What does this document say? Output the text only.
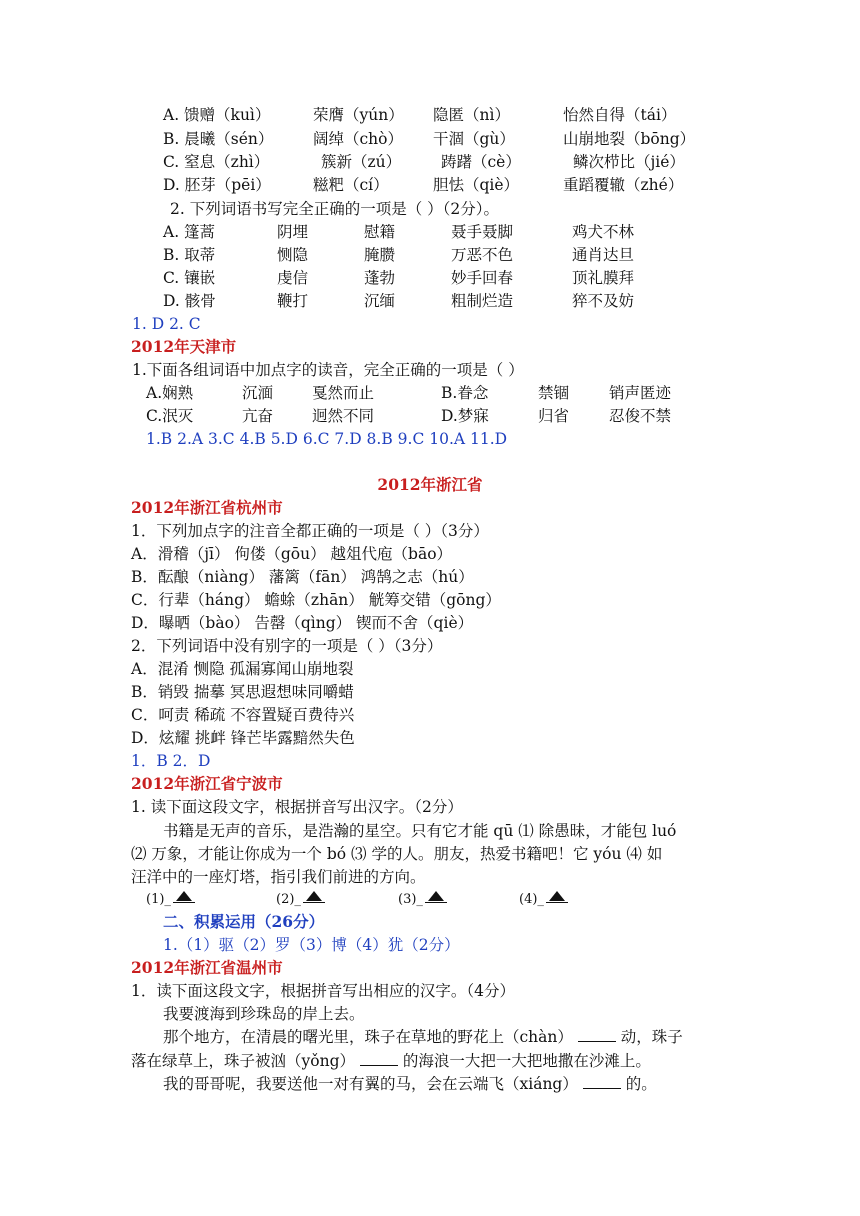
A. 馈赠（kuì）	荣膺（yún） 隐匿（nì）	怡然自得（tái）
B. 晨曦（sén）	阔绰（chò） 干涸（gù）	山崩地裂（bōng）
C. 窒息（zhì）	簇新（zú）	踌躇（cè）	鳞次栉比（jié）
D. 胚芽（pēi）	糍粑（cí）	胆怯（qiè）	重蹈覆辙（zhé）
2. 下列词语书写完全正确的一项是（ ）（2分）。
A. 篷蒿	阴埋	慰籍	聂手聂脚	鸡犬不林
B. 取蒂	恻隐	腌臜	万恶不色	通肖达旦
C. 镶嵌	虔信	蓬勃	妙手回春	顶礼膜拜
D. 骸骨	鞭打	沉缅	粗制烂造	猝不及妨
1. D 2. C
2012年天津市
1.下面各组词语中加点字的读音，完全正确的一项是（ ）
A.娴熟	沉湎	戛然而止	B.眷念	禁锢	销声匿迹
C.泯灭	亢奋	迥然不同	D.梦寐	归省	忍俊不禁
1.B 2.A 3.C 4.B 5.D 6.C 7.D 8.B 9.C 10.A 11.D
2012年浙江省
2012年浙江省杭州市
1．下列加点字的注音全都正确的一项是（ ）（3分）
A．滑稽（jī） 佝偻（gōu） 越俎代庖（bāo）
B．酝酿（niàng） 藩篱（fān） 鸿鹄之志（hú）
C．行辈（háng） 蟾蜍（zhān） 觥筹交错（gōng）
D．曝晒（bào） 告罄（qìng） 锲而不舍（qiè）
2．下列词语中没有别字的一项是（ ）（3分）
A．混淆 恻隐 孤漏寡闻山崩地裂
B．销毁 揣摹 冥思遐想味同嚼蜡
C．呵责 稀疏 不容置疑百费待兴
D．炫耀 挑衅 锋芒毕露黯然失色
1．B 2．D
2012年浙江省宁波市
1. 读下面这段文字，根据拼音写出汉字。（2分）
书籍是无声的音乐，是浩瀚的星空。只有它才能 qū ⑴ 除愚昧，才能包 luó
⑵ 万象，才能让你成为一个 bó ⑶ 学的人。朋友，热爱书籍吧！它 yóu ⑷ 如
汪洋中的一座灯塔，指引我们前进的方向。
(1)_	(2)_	(3)_	(4)_
二、积累运用（26分）
1.（1）驱（2）罗（3）博（4）犹（2分）
2012年浙江省温州市
1．读下面这段文字，根据拼音写出相应的汉字。（4分）
我要渡海到珍珠岛的岸上去。
那个地方，在清晨的曙光里，珠子在草地的野花上（chàn）	动，珠子
落在绿草上，珠子被汹（yǒng）	的海浪一大把一大把地撒在沙滩上。
我的哥哥呢，我要送他一对有翼的马，会在云端飞（xiáng）	的。
